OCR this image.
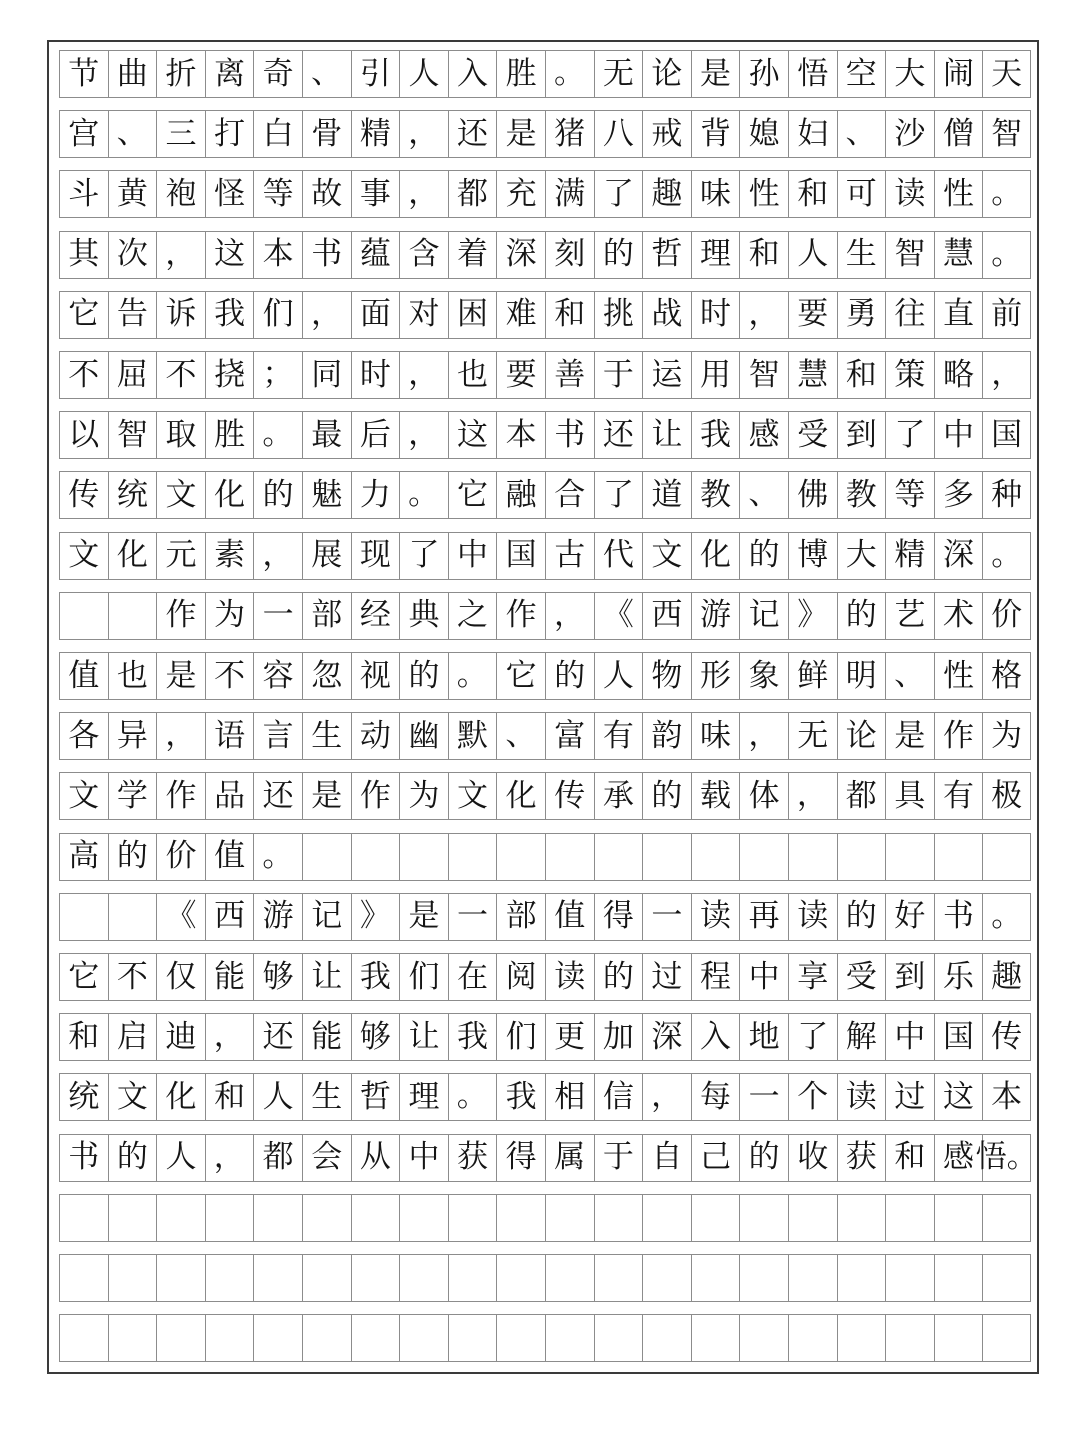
节 曲 折 离 奇 、 引 人 入 胜 。 无 论 是 孙 悟 空 大 闹 天
宫 、 三 打 白 骨 精 ， 还 是 猪 八 戒 背 媳 妇 、 沙 僧 智
斗 黄 袍 怪 等 故 事 ， 都 充 满 了 趣 味 性 和 可 读 性 。
其 次 ， 这 本 书 蕴 含 着 深 刻 的 哲 理 和 人 生 智 慧 。
它 告 诉 我 们 ， 面 对 困 难 和 挑 战 时 ， 要 勇 往 直 前
不 屈 不 挠 ； 同 时 ， 也 要 善 于 运 用 智 慧 和 策 略 ，
以 智 取 胜 。 最 后 ， 这 本 书 还 让 我 感 受 到 了 中 国
传 统 文 化 的 魅 力 。 它 融 合 了 道 教 、 佛 教 等 多 种
文 化 元 素 ， 展 现 了 中 国 古 代 文 化 的 博 大 精 深 。
作 为 一 部 经 典 之 作 ， 《 西 游 记 》 的 艺 术 价
值 也 是 不 容 忽 视 的 。 它 的 人 物 形 象 鲜 明 、 性 格
各 异 ， 语 言 生 动 幽 默 、 富 有 韵 味 ， 无 论 是 作 为
文 学 作 品 还 是 作 为 文 化 传 承 的 载 体 ， 都 具 有 极
高 的 价 值 。
《 西 游 记 》 是 一 部 值 得 一 读 再 读 的 好 书 。
它 不 仅 能 够 让 我 们 在 阅 读 的 过 程 中 享 受 到 乐 趣
和 启 迪 ， 还 能 够 让 我 们 更 加 深 入 地 了 解 中 国 传
统 文 化 和 人 生 哲 理 。 我 相 信 ， 每 一 个 读 过 这 本
书 的 人 ， 都 会 从 中 获 得 属 于 自 己 的 收 获 和 感 悟。
